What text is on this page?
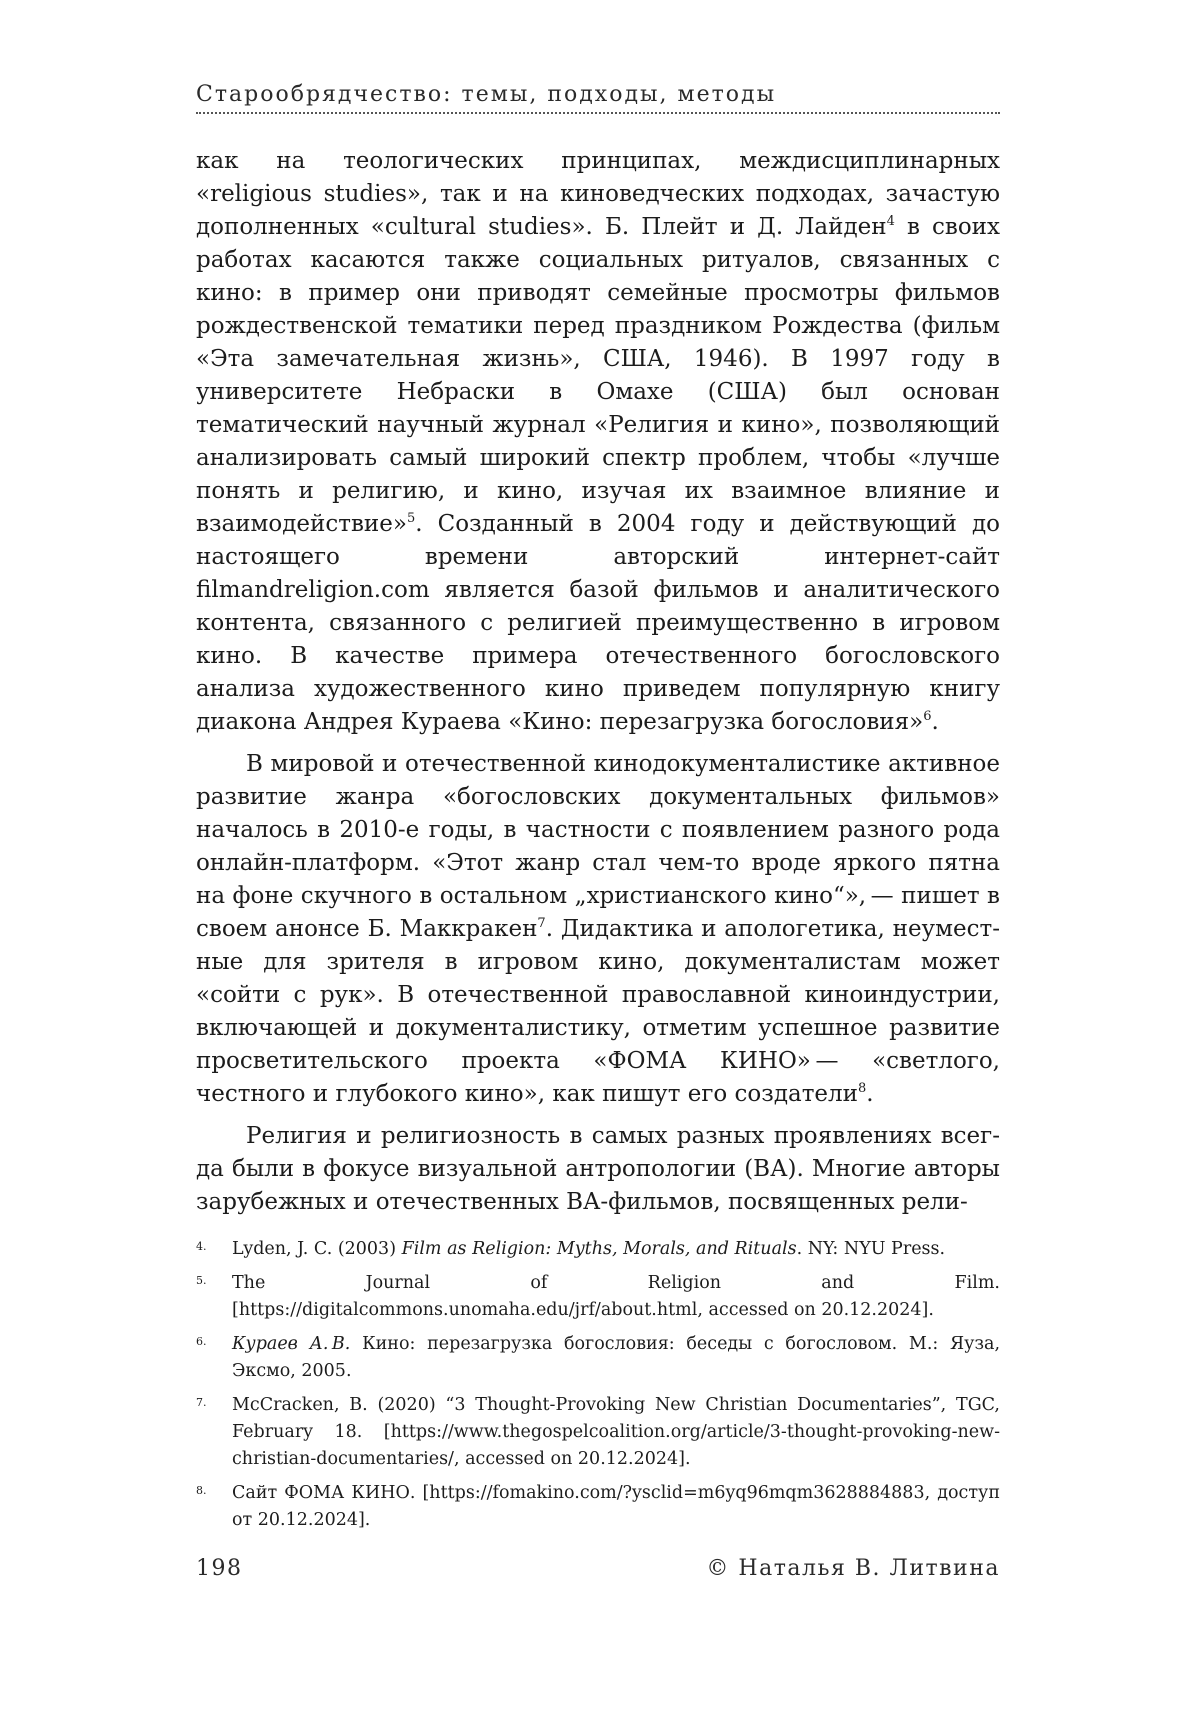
Старообрядчество: темы, подходы, методы

как на теологических принципах, междисциплинарных «religious studies», так и на киноведческих подходах, зачастую дополненных «cultural studies». Б. Плейт и Д. Лайден$^4$ в своих работах касаются также социальных ритуалов, связанных с кино: в пример они приводят семейные просмотры фильмов рождественской тематики перед праздником Рождества (фильм «Эта замечательная жизнь», США, 1946). В 1997 году в университете Небраски в Омахе (США) был основан тематический научный журнал «Религия и кино», позволяющий анализировать самый широкий спектр проблем, чтобы «лучше понять и религию, и кино, изучая их взаимное влияние и взаимодействие»$^5$. Созданный в 2004 году и действующий до настоящего времени авторский интернет-сайт filmandreligion.com является базой фильмов и аналитического контента, связанного с религией преимущественно в игровом кино. В качестве примера отечественного богословского анализа художественного кино приведем популярную книгу диакона Андрея Кураева «Кино: перезагрузка богословия»$^6$.

В мировой и отечественной кинодокументалистике активное развитие жанра «богословских документальных фильмов» началось в 2010-е годы, в частности с появлением разного рода онлайн-платформ. «Этот жанр стал чем-то вроде яркого пятна на фоне скучного в остальном „христианского кино“», — пишет в своем анонсе Б. Маккракен$^7$. Дидактика и апологетика, неуместные для зрителя в игровом кино, документалистам может «сойти с рук». В отечественной православной киноиндустрии, включающей и документалистику, отметим успешное развитие просветительского проекта «ФОМА КИНО» — «светлого, честного и глубокого кино», как пишут его создатели$^8$.

Религия и религиозность в самых разных проявлениях всегда были в фокусе визуальной антропологии (ВА). Многие авторы зарубежных и отечественных ВА-фильмов, посвященных рели-

4.	Lyden, J. C. (2003) Film as Religion: Myths, Morals, and Rituals. NY: NYU Press.
5.	The Journal of Religion and Film. [https://digitalcommons.unomaha.edu/jrf/about.html, accessed on 20.12.2024].
6.	Кураев А. В. Кино: перезагрузка богословия: беседы с богословом. М.: Яуза, Эксмо, 2005.
7.	McCracken, B. (2020) “3 Thought-Provoking New Christian Documentaries”, TGC, February 18. [https://www.thegospelcoalition.org/article/3-thought-provoking-new-christian-documentaries/, accessed on 20.12.2024].
8.	Сайт ФОМА КИНО. [https://fomakino.com/?ysclid=m6yq96mqm3628884883, доступ от 20.12.2024].
198	© Наталья В. Литвина
